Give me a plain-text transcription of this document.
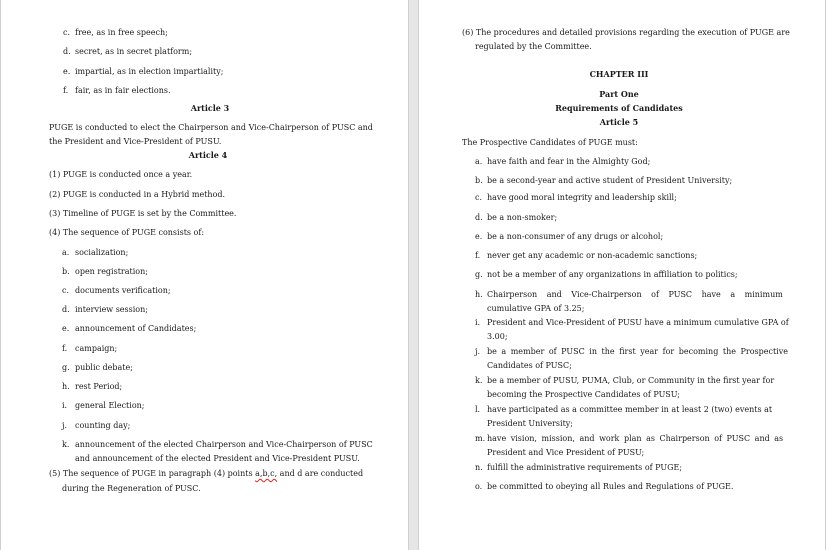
c. free, as in free speech;
d. secret, as in secret platform;
e. impartial, as in election impartiality;
f. fair, as in fair elections.
Article 3
PUGE is conducted to elect the Chairperson and Vice-Chairperson of PUSC and
the President and Vice-President of PUSU.
Article 4
(1) PUGE is conducted once a year.
(2) PUGE is conducted in a Hybrid method.
(3) Timeline of PUGE is set by the Committee.
(4) The sequence of PUGE consists of:
a. socialization;
b. open registration;
c. documents verification;
d. interview session;
e. announcement of Candidates;
f. campaign;
g. public debate;
h. rest Period;
i. general Election;
j. counting day;
k. announcement of the elected Chairperson and Vice-Chairperson of PUSC
and announcement of the elected President and Vice-President PUSU.
(5) The sequence of PUGE in paragraph (4) points a,b,c, and d are conducted
during the Regeneration of PUSC.
(6) The procedures and detailed provisions regarding the execution of PUGE are
regulated by the Committee.
CHAPTER III
Part One
Requirements of Candidates
Article 5
The Prospective Candidates of PUGE must:
a. have faith and fear in the Almighty God;
b. be a second-year and active student of President University;
c. have good moral integrity and leadership skill;
d. be a non-smoker;
e. be a non-consumer of any drugs or alcohol;
f. never get any academic or non-academic sanctions;
g. not be a member of any organizations in affiliation to politics;
h. Chairperson and Vice-Chairperson of PUSC have a minimum
cumulative GPA of 3.25;
i. President and Vice-President of PUSU have a minimum cumulative GPA of
3.00;
j. be a member of PUSC in the first year for becoming the Prospective
Candidates of PUSC;
k. be a member of PUSU, PUMA, Club, or Community in the first year for
becoming the Prospective Candidates of PUSU;
l. have participated as a committee member in at least 2 (two) events at
President University;
m. have vision, mission, and work plan as Chairperson of PUSC and as
President and Vice President of PUSU;
n. fulfill the administrative requirements of PUGE;
o. be committed to obeying all Rules and Regulations of PUGE.
